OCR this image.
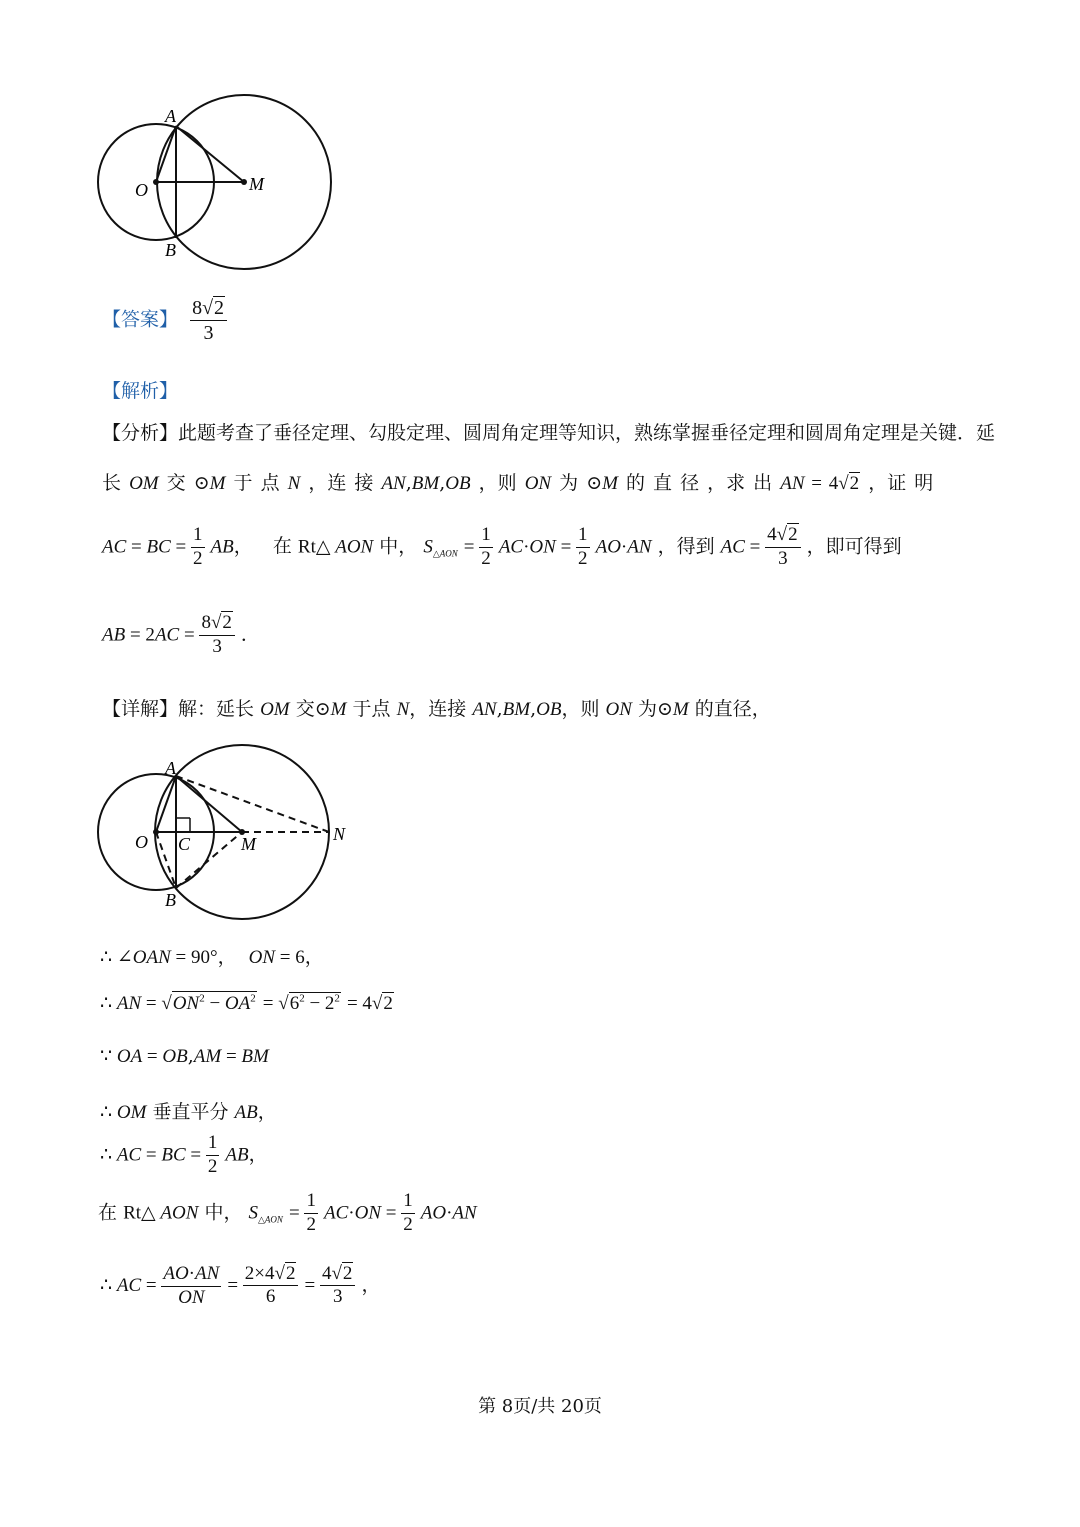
A
O	M
B
【答案】 $\frac{8√2}{3}$
【解析】
【分析】此题考查了垂径定理、勾股定理、圆周角定理等知识，熟练掌握垂径定理和圆周角定理是关键．延
长 OM 交 ⊙M 于 点 N ，连 接 AN,BM,OB ，则 ON 为 ⊙M 的 直 径 ，求 出 AN = 4√2 ，证 明
AC = BC = $\frac{1}{2}$ AB， 在 Rt△ AON 中， $S_{\triangle AON} = \frac{1}{2} AC\cdot ON = \frac{1}{2} AO\cdot AN$ ，得到 AC = $\frac{4√2}{3}$ ，即可得到
AB = $2AC = \frac{8√2}{3}$ ．
【详解】解：延长 OM 交⊙M 于点 N，连接 AN,BM,OB，则 ON 为⊙M 的直径，
A
O C	M	N
B
∴ ∠OAN = 90°， ON = 6，
∴ AN = $√ON^2 - OA^2 = √6^2 - 2^2 = 4√2$
∵ OA = OB,AM = BM
∴ OM 垂直平分 AB，
∴ AC = BC = $\frac{1}{2}$ AB，
在 Rt△ AON 中， $S_{\triangle AON} = \frac{1}{2} AC\cdot ON = \frac{1}{2} AO\cdot AN$
∴ AC = $\frac{AO\cdot AN}{ON} = \frac{2\times 4√2}{6} = \frac{4√2}{3}$ ，
第 8页/共 20页
